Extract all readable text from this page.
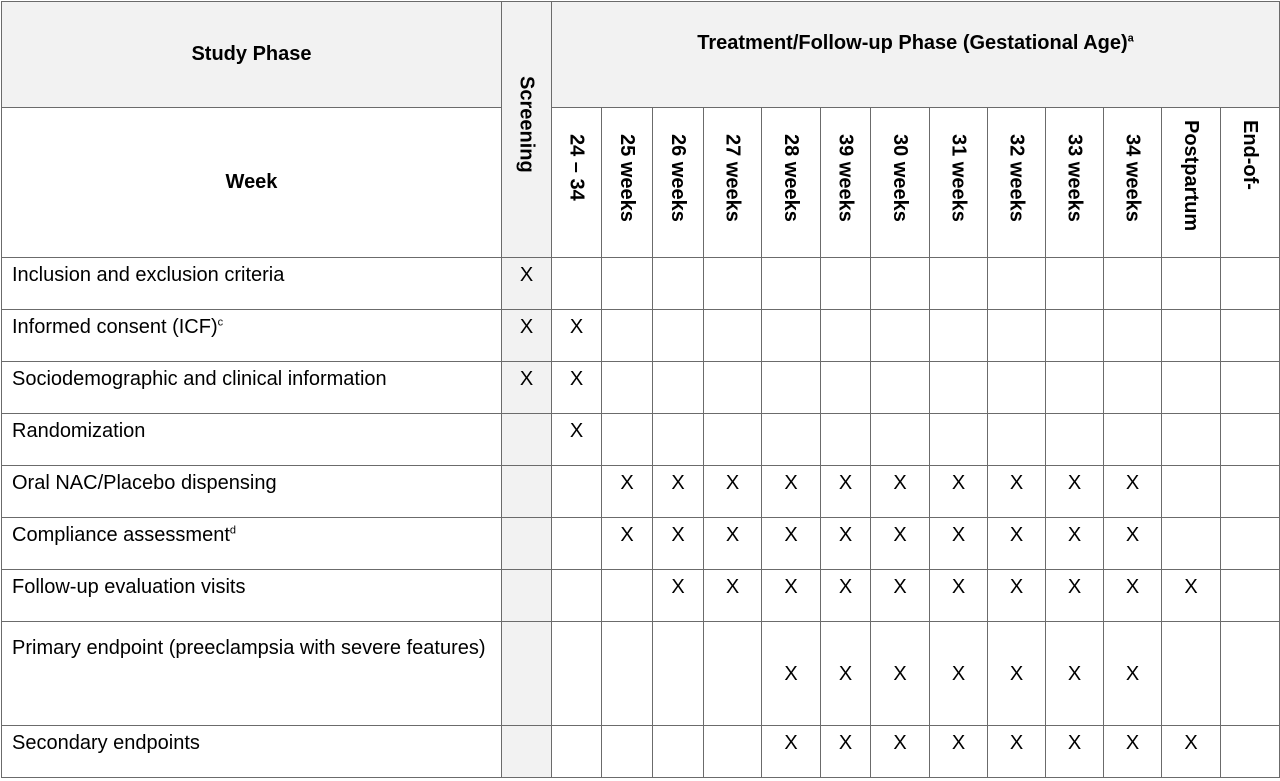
Study Phase	Screening	Treatment/Follow-up Phase (Gestational Age)$^a$
Week		24 – 34	25 weeks	26 weeks	27 weeks	28 weeks	39 weeks	30 weeks	31 weeks	32 weeks	33 weeks	34 weeks	Postpartum	End-of-

Inclusion and exclusion criteria	X													
Informed consent (ICF)$^c$	X	X												
Sociodemographic and clinical information	X	X												
Randomization		X												
Oral NAC/Placebo dispensing			X	X	X	X	X	X	X	X	X	X		
Compliance assessment$^d$			X	X	X	X	X	X	X	X	X	X		
Follow-up evaluation visits				X	X	X	X	X	X	X	X	X	X	
Primary endpoint (preeclampsia with severe features)						X	X	X	X	X	X	X		
Secondary endpoints						X	X	X	X	X	X	X	X	
